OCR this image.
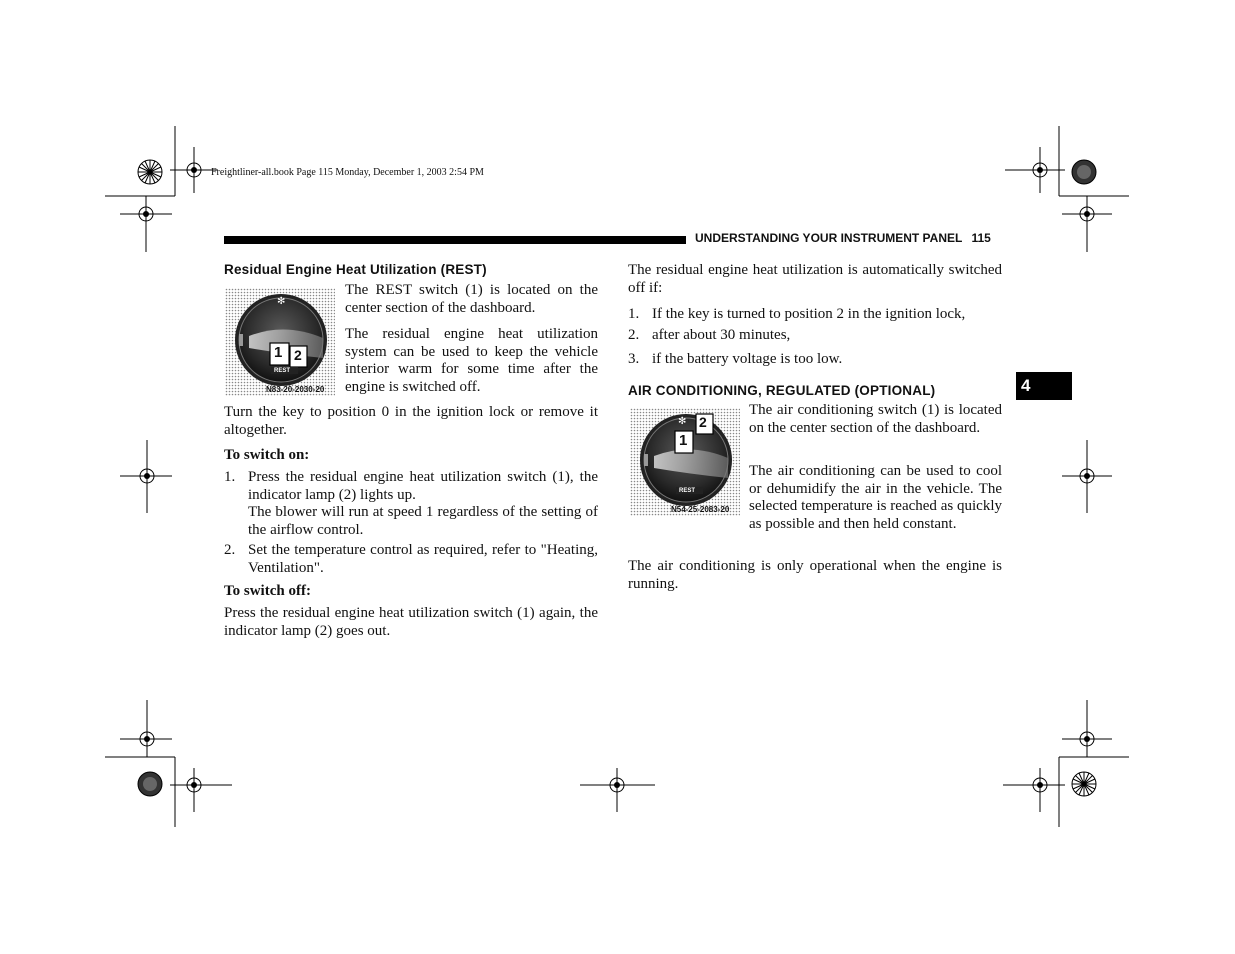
Freightliner-all.book Page 115 Monday, December 1, 2003 2:54 PM
UNDERSTANDING YOUR INSTRUMENT PANEL 115
4
Residual Engine Heat Utilization (REST)
✻
1 2
REST
N83-20-2030-20
The REST switch (1) is located on the center section of the dashboard.
The residual engine heat utilization system can be used to keep the vehicle interior warm for some time after the engine is switched off.
Turn the key to position 0 in the ignition lock or remove it altogether.
To switch on:
1. Press the residual engine heat utilization switch (1), the indicator lamp (2) lights up.
The blower will run at speed 1 regardless of the setting of the airflow control.
2. Set the temperature control as required, refer to "Heating, Ventilation".
To switch off:
Press the residual engine heat utilization switch (1) again, the indicator lamp (2) goes out.
The residual engine heat utilization is automatically switched off if:
1. If the key is turned to position 2 in the ignition lock,
2. after about 30 minutes,
3. if the battery voltage is too low.
AIR CONDITIONING, REGULATED (OPTIONAL)
✻
1
2
REST
N54-25-2083-20
The air conditioning switch (1) is located on the center section of the dashboard.
The air conditioning can be used to cool or dehumidify the air in the vehicle. The selected temperature is reached as quickly as possible and then held constant.
The air conditioning is only operational when the engine is running.
